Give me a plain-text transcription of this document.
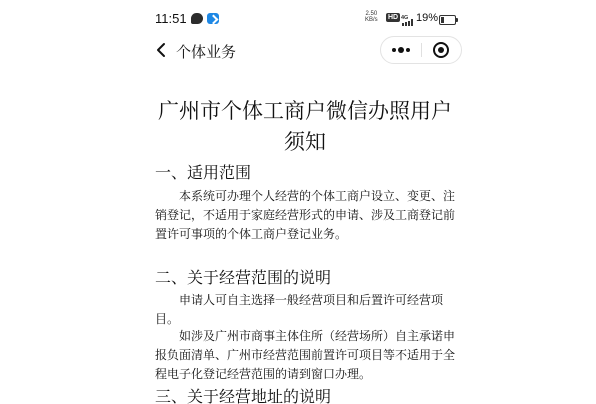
11:51	2.50
KB/s HD 4G 19%
个体业务
广州市个体工商户微信办照用户
须知
一、适用范围

本系统可办理个人经营的个体工商户设立、变更、注
销登记，不适用于家庭经营形式的申请、涉及工商登记前
置许可事项的个体工商户登记业务。

二、关于经营范围的说明

申请人可自主选择一般经营项目和后置许可经营项
目。

如涉及广州市商事主体住所（经营场所）自主承诺申
报负面清单、广州市经营范围前置许可项目等不适用于全
程电子化登记经营范围的请到窗口办理。

三、关于经营地址的说明
